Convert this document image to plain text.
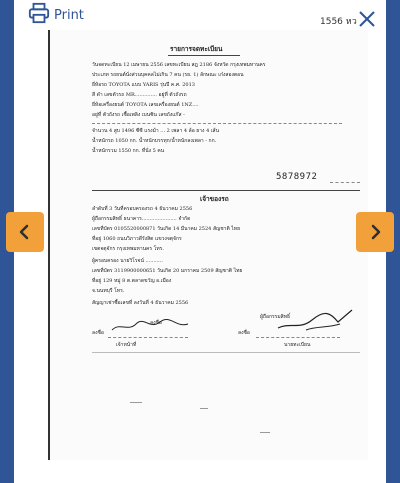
Print	1556 หว
รายการจดทะเบียน
วันจดทะเบียน 12 เมษายน 2556 เลขทะเบียน สฎ 2186 จังหวัด กรุงเทพมหานคร
ประเภท รถยนต์นั่งส่วนบุคคลไม่เกิน 7 คน (รย. 1) ลักษณะ เก๋งสองตอน
ยี่ห้อรถ TOYOTA แบบ YARIS รุ่นปี ค.ศ. 2013
สี ดำ เลขตัวรถ MR.............. อยู่ที่ ตัวถังรถ
ยี่ห้อเครื่องยนต์ TOYOTA เลขเครื่องยนต์ 1NZ....
อยู่ที่ ตัวถังรถ เชื้อเพลิง เบนซิน เลขถังแก๊ส -
จำนวน 4 สูบ 1496 ซีซี แรงม้า ... 2 เพลา 4 ล้อ ยาง 4 เส้น
น้ำหนักรถ 1050 กก. น้ำหนักบรรทุก/น้ำหนักลงเพลา - กก.
น้ำหนักรวม 1550 กก. ที่นั่ง 5 คน
5878972
เจ้าของรถ
ลำดับที่ 3 วันที่ครอบครองรถ 4 ธันวาคม 2556
ผู้ถือกรรมสิทธิ์ ธนาคาร...................... จำกัด
เลขที่บัตร 0105520000871 วันเกิด 14 มีนาคม 2524 สัญชาติ ไทย
ที่อยู่ 1060 ถนนวิภาวดีรังสิต แขวงจตุจักร
เขตจตุจักร กรุงเทพมหานคร โทร.
ผู้ครอบครอง นายวิโรจน์ ...........
เลขที่บัตร 3119900000651 วันเกิด 20 มกราคม 2509 สัญชาติ ไทย
ที่อยู่ 129 หมู่ 8 ต.ตลาดขวัญ อ.เมือง
จ.นนทบุรี โทร.
สัญญาเช่าซื้อเลขที่ ลงวันที่ 4 ธันวาคม 2556
ผู้ถือกรรมสิทธิ์
ลงชื่อ
ลงชื่อ	ลงชื่อ
เจ้าหน้าที่	นายทะเบียน
